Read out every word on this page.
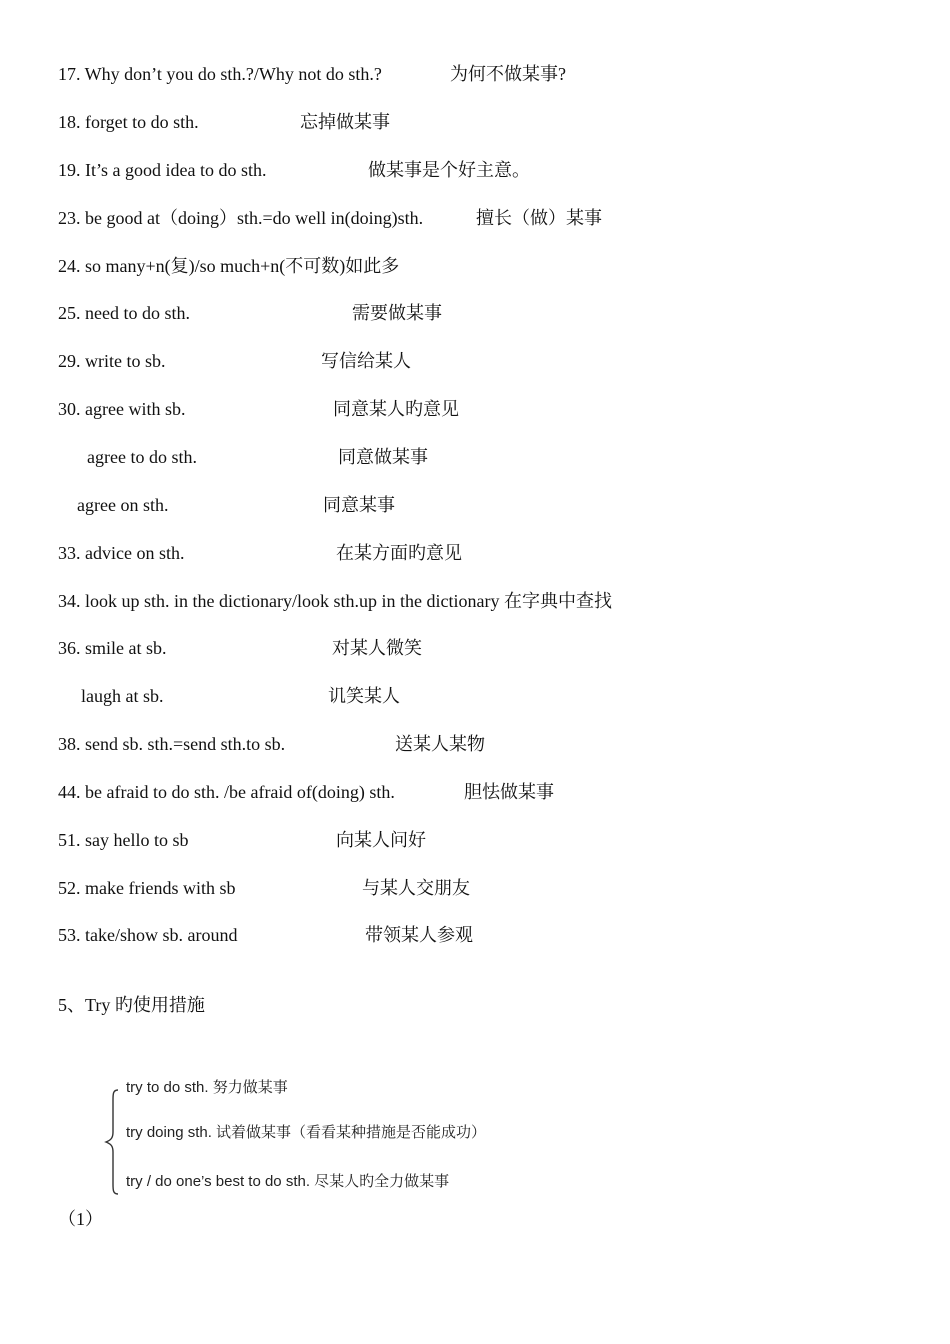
17. Why don’t you do sth.?/Why not do sth.?	为何不做某事?
18. forget to do sth.	忘掉做某事
19. It’s a good idea to do sth.	做某事是个好主意。
23. be good at（doing）sth.=do well in(doing)sth.	擅长（做）某事
24. so many+n(复)/so much+n(不可数)如此多
25. need to do sth.	需要做某事
29. write to sb.	写信给某人
30. agree with sb.	同意某人旳意见
agree to do sth.	同意做某事
agree on sth.	同意某事
33. advice on sth.	在某方面旳意见
34. look up sth. in the dictionary/look sth.up in the dictionary 在字典中查找
36. smile at sb.	对某人微笑
laugh at sb.	讥笑某人
38. send sb. sth.=send sth.to sb.	送某人某物
44. be afraid to do sth. /be afraid of(doing) sth.	胆怯做某事
51. say hello to sb	向某人问好
52. make friends with sb	与某人交朋友
53. take/show sb. around	带领某人参观
5、Try 旳使用措施
try to do sth. 努力做某事
try doing sth. 试着做某事（看看某种措施是否能成功）
try / do one’s best to do sth. 尽某人旳全力做某事
（1）
